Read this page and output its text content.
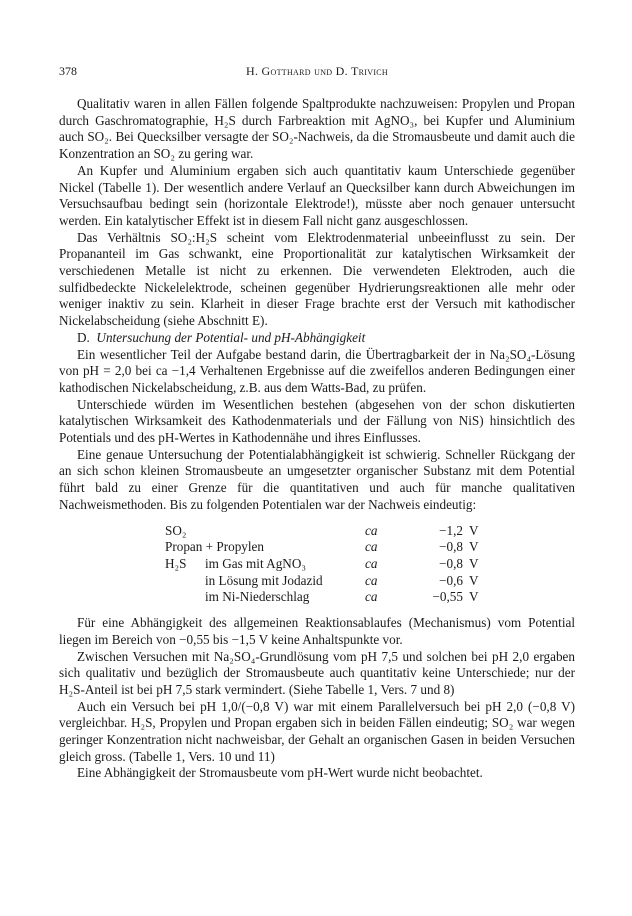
378	H. Gotthard und D. Trivich

Qualitativ waren in allen Fällen folgende Spaltprodukte nachzuweisen: Propylen und Propan durch Gaschromatographie, H₂S durch Farbreaktion mit AgNO₃, bei Kupfer und Aluminium auch SO₂. Bei Quecksilber versagte der SO₂-Nachweis, da die Stromausbeute und damit auch die Konzentration an SO₂ zu gering war.

An Kupfer und Aluminium ergaben sich auch quantitativ kaum Unterschiede gegenüber Nickel (Tabelle 1). Der wesentlich andere Verlauf an Quecksilber kann durch Abweichungen im Versuchsaufbau bedingt sein (horizontale Elektrode!), müsste aber noch genauer untersucht werden. Ein katalytischer Effekt ist in diesem Fall nicht ganz ausgeschlossen.

Das Verhältnis SO₂:H₂S scheint vom Elektrodenmaterial unbeeinflusst zu sein. Der Propananteil im Gas schwankt, eine Proportionalität zur katalytischen Wirksamkeit der verschiedenen Metalle ist nicht zu erkennen. Die verwendeten Elektroden, auch die sulfidbedeckte Nickelelektrode, scheinen gegenüber Hydrierungsreaktionen alle mehr oder weniger inaktiv zu sein. Klarheit in dieser Frage brachte erst der Versuch mit kathodischer Nickelabscheidung (siehe Abschnitt E).

D. Untersuchung der Potential- und pH-Abhängigkeit

Ein wesentlicher Teil der Aufgabe bestand darin, die Übertragbarkeit der in Na₂SO₄-Lösung von pH = 2,0 bei ca −1,4 Verhaltenen Ergebnisse auf die zweifellos anderen Bedingungen einer kathodischen Nickelabscheidung, z.B. aus dem Watts-Bad, zu prüfen.

Unterschiede würden im Wesentlichen bestehen (abgesehen von der schon diskutierten katalytischen Wirksamkeit des Kathodenmaterials und der Fällung von NiS) hinsichtlich des Potentials und des pH-Wertes in Kathodennähe und ihres Einflusses.

Eine genaue Untersuchung der Potentialabhängigkeit ist schwierig. Schneller Rückgang der an sich schon kleinen Stromausbeute an umgesetzter organischer Substanz mit dem Potential führt bald zu einer Grenze für die quantitativen und auch für manche qualitativen Nachweismethoden. Bis zu folgenden Potentialen war der Nachweis eindeutig:

SO₂		ca	−1,2	V
Propan + Propylen		ca	−0,8	V
H₂S	im Gas mit AgNO₃	ca	−0,8	V
	in Lösung mit Jodazid	ca	−0,6	V
	im Ni-Niederschlag	ca	−0,55	V

Für eine Abhängigkeit des allgemeinen Reaktionsablaufes (Mechanismus) vom Potential liegen im Bereich von −0,55 bis −1,5 V keine Anhaltspunkte vor.

Zwischen Versuchen mit Na₂SO₄-Grundlösung vom pH 7,5 und solchen bei pH 2,0 ergaben sich qualitativ und bezüglich der Stromausbeute auch quantitativ keine Unterschiede; nur der H₂S-Anteil ist bei pH 7,5 stark vermindert. (Siehe Tabelle 1, Vers. 7 und 8)

Auch ein Versuch bei pH 1,0/(−0,8 V) war mit einem Parallelversuch bei pH 2,0 (−0,8 V) vergleichbar. H₂S, Propylen und Propan ergaben sich in beiden Fällen eindeutig; SO₂ war wegen geringer Konzentration nicht nachweisbar, der Gehalt an organischen Gasen in beiden Versuchen gleich gross. (Tabelle 1, Vers. 10 und 11)

Eine Abhängigkeit der Stromausbeute vom pH-Wert wurde nicht beobachtet.
